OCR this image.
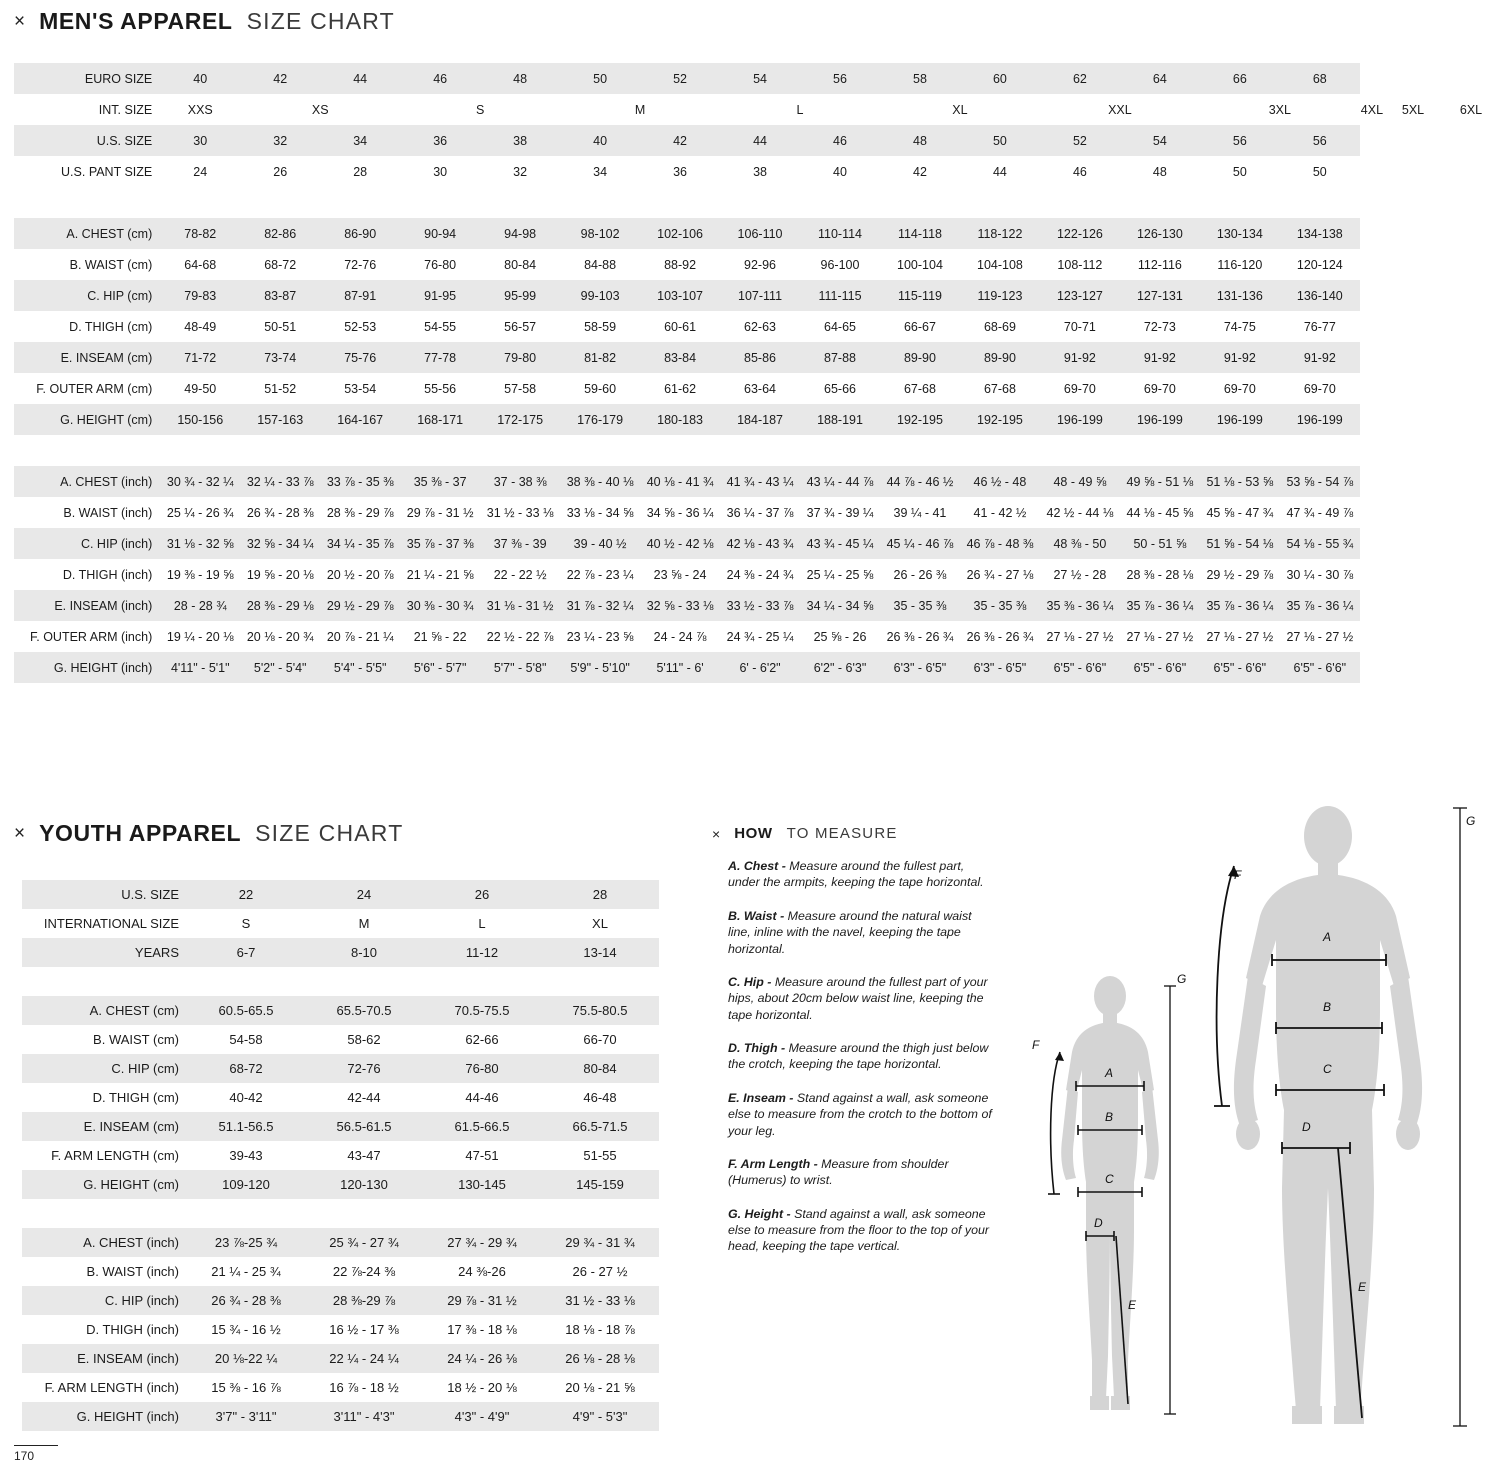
× MEN'S APPAREL SIZE CHART
EURO SIZE	40	42	44	46	48	50	52	54	56	58	60	62	64	66	68			
INT. SIZE	XXS	XS		S		M		L		XL		XXL		3XL		4XL	5XL	6XL
U.S. SIZE	30	32	34	36	38	40	42	44	46	48	50	52	54	56	56			
U.S. PANT SIZE	24	26	28	30	32	34	36	38	40	42	44	46	48	50	50			

A. CHEST (cm)	78-82	82-86	86-90	90-94	94-98	98-102	102-106	106-110	110-114	114-118	118-122	122-126	126-130	130-134	134-138			
B. WAIST (cm)	64-68	68-72	72-76	76-80	80-84	84-88	88-92	92-96	96-100	100-104	104-108	108-112	112-116	116-120	120-124			
C. HIP (cm)	79-83	83-87	87-91	91-95	95-99	99-103	103-107	107-111	111-115	115-119	119-123	123-127	127-131	131-136	136-140			
D. THIGH (cm)	48-49	50-51	52-53	54-55	56-57	58-59	60-61	62-63	64-65	66-67	68-69	70-71	72-73	74-75	76-77			
E. INSEAM (cm)	71-72	73-74	75-76	77-78	79-80	81-82	83-84	85-86	87-88	89-90	89-90	91-92	91-92	91-92	91-92			
F. OUTER ARM (cm)	49-50	51-52	53-54	55-56	57-58	59-60	61-62	63-64	65-66	67-68	67-68	69-70	69-70	69-70	69-70			
G. HEIGHT (cm)	150-156	157-163	164-167	168-171	172-175	176-179	180-183	184-187	188-191	192-195	192-195	196-199	196-199	196-199	196-199			

A. CHEST (inch)	30 ¾ - 32 ¼	32 ¼ - 33 ⅞	33 ⅞ - 35 ⅜	35 ⅜ - 37	37 - 38 ⅜	38 ⅜ - 40 ⅛	40 ⅛ - 41 ¾	41 ¾ - 43 ¼	43 ¼ - 44 ⅞	44 ⅞ - 46 ½	46 ½ - 48	48 - 49 ⅝	49 ⅝ - 51 ⅛	51 ⅛ - 53 ⅝	53 ⅝ - 54 ⅞			
B. WAIST (inch)	25 ¼ - 26 ¾	26 ¾ - 28 ⅜	28 ⅜ - 29 ⅞	29 ⅞ - 31 ½	31 ½ - 33 ⅛	33 ⅛ - 34 ⅝	34 ⅝ - 36 ¼	36 ¼ - 37 ⅞	37 ¾ - 39 ¼	39 ¼ - 41	41 - 42 ½	42 ½ - 44 ⅛	44 ⅛ - 45 ⅝	45 ⅝ - 47 ¾	47 ¾ - 49 ⅞			
C. HIP (inch)	31 ⅛ - 32 ⅝	32 ⅝ - 34 ¼	34 ¼ - 35 ⅞	35 ⅞ - 37 ⅜	37 ⅜ - 39	39 - 40 ½	40 ½ - 42 ⅛	42 ⅛ - 43 ¾	43 ¾ - 45 ¼	45 ¼ - 46 ⅞	46 ⅞ - 48 ⅜	48 ⅜ - 50	50 - 51 ⅝	51 ⅝ - 54 ⅛	54 ⅛ - 55 ¾			
D. THIGH (inch)	19 ⅜ - 19 ⅝	19 ⅝ - 20 ⅛	20 ½ - 20 ⅞	21 ¼ - 21 ⅝	22 - 22 ½	22 ⅞ - 23 ¼	23 ⅝ - 24	24 ⅜ - 24 ¾	25 ¼ - 25 ⅝	26 - 26 ⅜	26 ¾ - 27 ⅛	27 ½ - 28	28 ⅜ - 28 ⅛	29 ½ - 29 ⅞	30 ¼ - 30 ⅞			
E. INSEAM (inch)	28 - 28 ¾	28 ⅜ - 29 ⅛	29 ½ - 29 ⅞	30 ⅜ - 30 ¾	31 ⅛ - 31 ½	31 ⅞ - 32 ¼	32 ⅝ - 33 ⅛	33 ½ - 33 ⅞	34 ¼ - 34 ⅝	35 - 35 ⅜	35 - 35 ⅜	35 ⅜ - 36 ¼	35 ⅞ - 36 ¼	35 ⅞ - 36 ¼	35 ⅞ - 36 ¼			
F. OUTER ARM (inch)	19 ¼ - 20 ⅛	20 ⅛ - 20 ¾	20 ⅞ - 21 ¼	21 ⅝ - 22	22 ½ - 22 ⅞	23 ¼ - 23 ⅝	24 - 24 ⅞	24 ¾ - 25 ¼	25 ⅝ - 26	26 ⅜ - 26 ¾	26 ⅜ - 26 ¾	27 ⅛ - 27 ½	27 ⅛ - 27 ½	27 ⅛ - 27 ½	27 ⅛ - 27 ½			
G. HEIGHT (inch)	4'11" - 5'1"	5'2" - 5'4"	5'4" - 5'5"	5'6" - 5'7"	5'7" - 5'8"	5'9" - 5'10"	5'11" - 6'	6' - 6'2"	6'2" - 6'3"	6'3" - 6'5"	6'3" - 6'5"	6'5" - 6'6"	6'5" - 6'6"	6'5" - 6'6"	6'5" - 6'6"			
× YOUTH APPAREL SIZE CHART
U.S. SIZE	22	24	26	28
INTERNATIONAL SIZE	S	M	L	XL
YEARS	6-7	8-10	11-12	13-14

A. CHEST (cm)	60.5-65.5	65.5-70.5	70.5-75.5	75.5-80.5
B. WAIST (cm)	54-58	58-62	62-66	66-70
C. HIP (cm)	68-72	72-76	76-80	80-84
D. THIGH (cm)	40-42	42-44	44-46	46-48
E. INSEAM (cm)	51.1-56.5	56.5-61.5	61.5-66.5	66.5-71.5
F. ARM LENGTH (cm)	39-43	43-47	47-51	51-55
G. HEIGHT (cm)	109-120	120-130	130-145	145-159

A. CHEST (inch)	23 ⅞-25 ¾	25 ¾ - 27 ¾	27 ¾ - 29 ¾	29 ¾ - 31 ¾
B. WAIST (inch)	21 ¼ - 25 ¾	22 ⅞-24 ⅜	24 ⅜-26	26 - 27 ½
C. HIP (inch)	26 ¾ - 28 ⅜	28 ⅜-29 ⅞	29 ⅞ - 31 ½	31 ½ - 33 ⅛
D. THIGH (inch)	15 ¾ - 16 ½	16 ½ - 17 ⅜	17 ⅜ - 18 ⅛	18 ⅛ - 18 ⅞
E. INSEAM (inch)	20 ⅛-22 ¼	22 ¼ - 24 ¼	24 ¼ - 26 ⅛	26 ⅛ - 28 ⅛
F. ARM LENGTH (inch)	15 ⅜ - 16 ⅞	16 ⅞ - 18 ½	18 ½ - 20 ⅛	20 ⅛ - 21 ⅝
G. HEIGHT (inch)	3'7" - 3'11"	3'11" - 4'3"	4'3" - 4'9"	4'9" - 5'3"
× HOW TO MEASURE

A. Chest - Measure around the fullest part, under the armpits, keeping the tape horizontal.

B. Waist - Measure around the natural waist line, inline with the navel, keeping the tape horizontal.

C. Hip - Measure around the fullest part of your hips, about 20cm below waist line, keeping the tape horizontal.

D. Thigh - Measure around the thigh just below the crotch, keeping the tape horizontal.

E. Inseam - Stand against a wall, ask someone else to measure from the crotch to the bottom of your leg.

F. Arm Length - Measure from shoulder (Humerus) to wrist.

G. Height - Stand against a wall, ask someone else to measure from the floor to the top of your head, keeping the tape vertical.

F
G
A
B
C
D
E
F
G
A
B
C
D
E
170
